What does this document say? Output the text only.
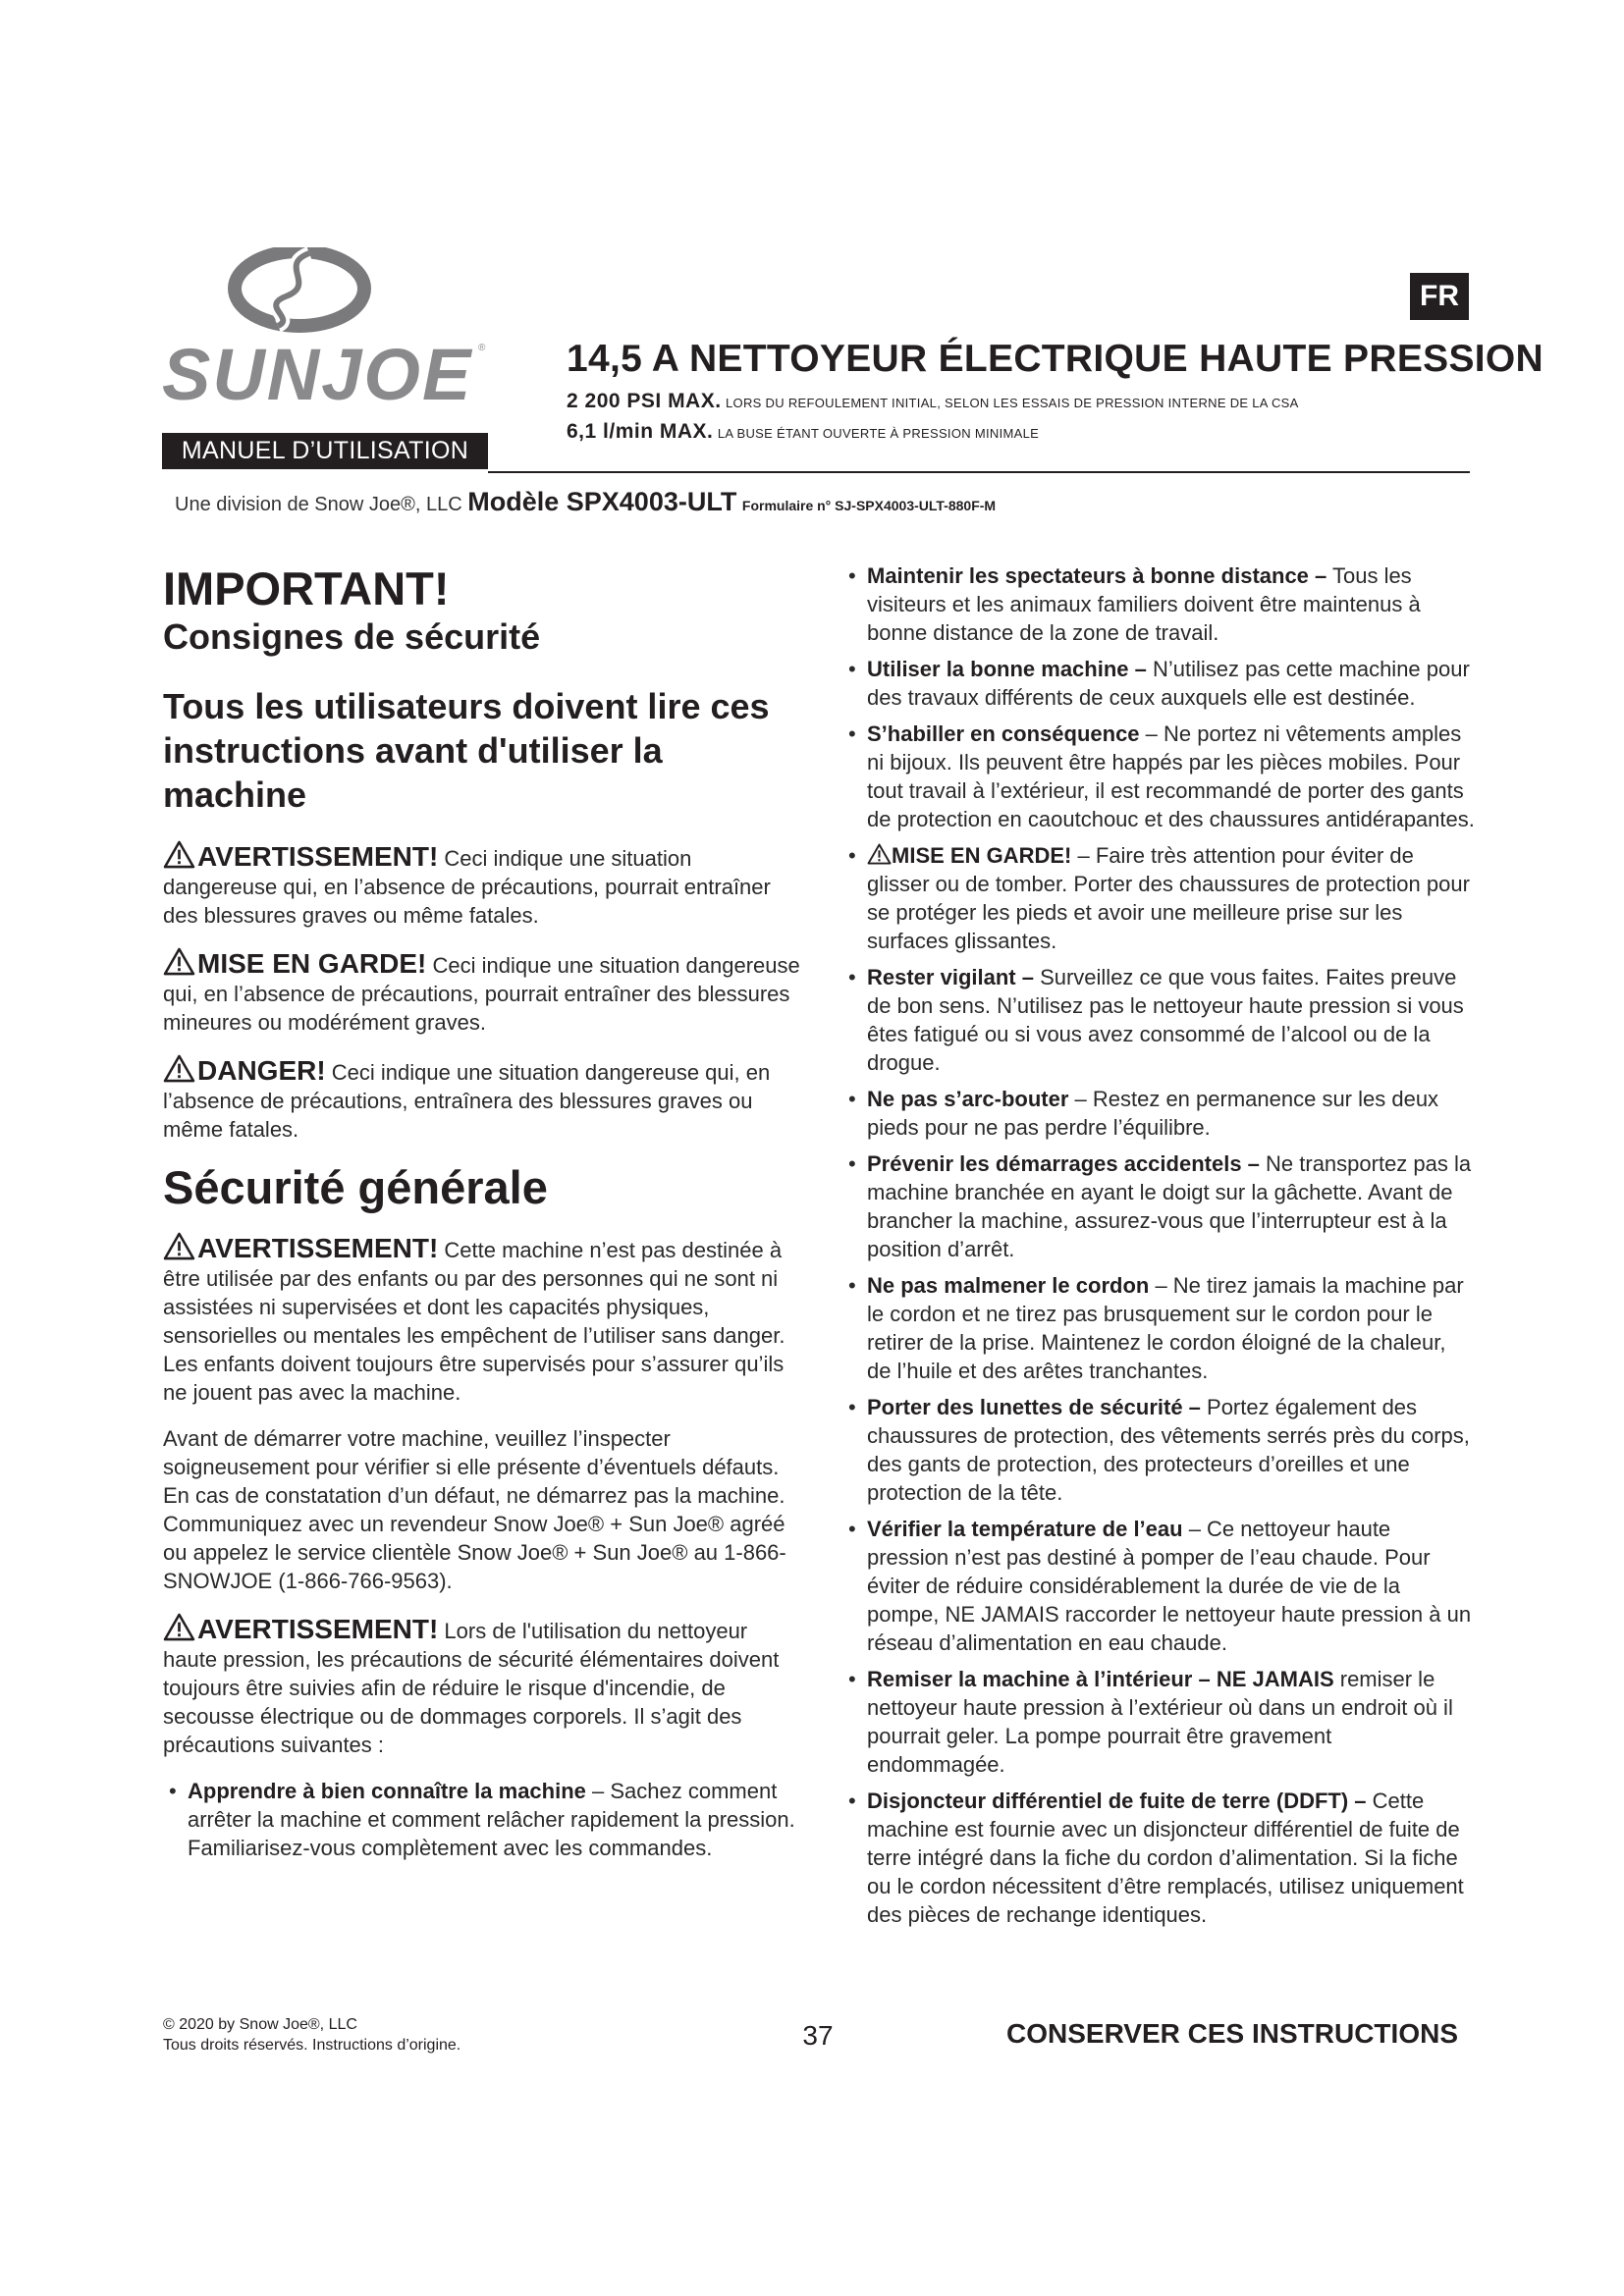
SUNJOE ®
MANUEL D’UTILISATION
FR
14,5 A NETTOYEUR ÉLECTRIQUE HAUTE PRESSION
2 200 PSI MAX. LORS DU REFOULEMENT INITIAL, SELON LES ESSAIS DE PRESSION INTERNE DE LA CSA
6,1 l/min MAX. LA BUSE ÉTANT OUVERTE À PRESSION MINIMALE
Une division de Snow Joe®, LLC Modèle SPX4003-ULT Formulaire n° SJ-SPX4003-ULT-880F-M
IMPORTANT!
Consignes de sécurité
Tous les utilisateurs doivent lire ces instructions avant d'utiliser la machine

AVERTISSEMENT! Ceci indique une situation dangereuse qui, en l’absence de précautions, pourrait entraîner des blessures graves ou même fatales.

MISE EN GARDE! Ceci indique une situation dangereuse qui, en l’absence de précautions, pourrait entraîner des blessures mineures ou modérément graves.

DANGER! Ceci indique une situation dangereuse qui, en l’absence de précautions, entraînera des blessures graves ou même fatales.

Sécurité générale

AVERTISSEMENT! Cette machine n’est pas destinée à être utilisée par des enfants ou par des personnes qui ne sont ni assistées ni supervisées et dont les capacités physiques, sensorielles ou mentales les empêchent de l’utiliser sans danger. Les enfants doivent toujours être supervisés pour s’assurer qu’ils ne jouent pas avec la machine.

Avant de démarrer votre machine, veuillez l’inspecter soigneusement pour vérifier si elle présente d’éventuels défauts. En cas de constatation d’un défaut, ne démarrez pas la machine. Communiquez avec un revendeur Snow Joe® + Sun Joe® agréé ou appelez le service clientèle Snow Joe® + Sun Joe® au 1-866-SNOWJOE (1-866-766-9563).

AVERTISSEMENT! Lors de l'utilisation du nettoyeur haute pression, les précautions de sécurité élémentaires doivent toujours être suivies afin de réduire le risque d'incendie, de secousse électrique ou de dommages corporels. Il s’agit des précautions suivantes :

• Apprendre à bien connaître la machine – Sachez comment arrêter la machine et comment relâcher rapidement la pression. Familiarisez-vous complètement avec les commandes.
• Maintenir les spectateurs à bonne distance – Tous les visiteurs et les animaux familiers doivent être maintenus à bonne distance de la zone de travail.
• Utiliser la bonne machine – N’utilisez pas cette machine pour des travaux différents de ceux auxquels elle est destinée.
• S’habiller en conséquence – Ne portez ni vêtements amples ni bijoux. Ils peuvent être happés par les pièces mobiles. Pour tout travail à l’extérieur, il est recommandé de porter des gants de protection en caoutchouc et des chaussures antidérapantes.
• MISE EN GARDE! – Faire très attention pour éviter de glisser ou de tomber. Porter des chaussures de protection pour se protéger les pieds et avoir une meilleure prise sur les surfaces glissantes.
• Rester vigilant – Surveillez ce que vous faites. Faites preuve de bon sens. N’utilisez pas le nettoyeur haute pression si vous êtes fatigué ou si vous avez consommé de l’alcool ou de la drogue.
• Ne pas s’arc-bouter – Restez en permanence sur les deux pieds pour ne pas perdre l’équilibre.
• Prévenir les démarrages accidentels – Ne transportez pas la machine branchée en ayant le doigt sur la gâchette. Avant de brancher la machine, assurez-vous que l’interrupteur est à la position d’arrêt.
• Ne pas malmener le cordon – Ne tirez jamais la machine par le cordon et ne tirez pas brusquement sur le cordon pour le retirer de la prise. Maintenez le cordon éloigné de la chaleur, de l’huile et des arêtes tranchantes.
• Porter des lunettes de sécurité – Portez également des chaussures de protection, des vêtements serrés près du corps, des gants de protection, des protecteurs d’oreilles et une protection de la tête.
• Vérifier la température de l’eau – Ce nettoyeur haute pression n’est pas destiné à pomper de l’eau chaude. Pour éviter de réduire considérablement la durée de vie de la pompe, NE JAMAIS raccorder le nettoyeur haute pression à un réseau d’alimentation en eau chaude.
• Remiser la machine à l’intérieur – NE JAMAIS remiser le nettoyeur haute pression à l’extérieur où dans un endroit où il pourrait geler. La pompe pourrait être gravement endommagée.
• Disjoncteur différentiel de fuite de terre (DDFT) – Cette machine est fournie avec un disjoncteur différentiel de fuite de terre intégré dans la fiche du cordon d’alimentation. Si la fiche ou le cordon nécessitent d’être remplacés, utilisez uniquement des pièces de rechange identiques.
© 2020 by Snow Joe®, LLC
Tous droits réservés. Instructions d’origine.	37	CONSERVER CES INSTRUCTIONS
